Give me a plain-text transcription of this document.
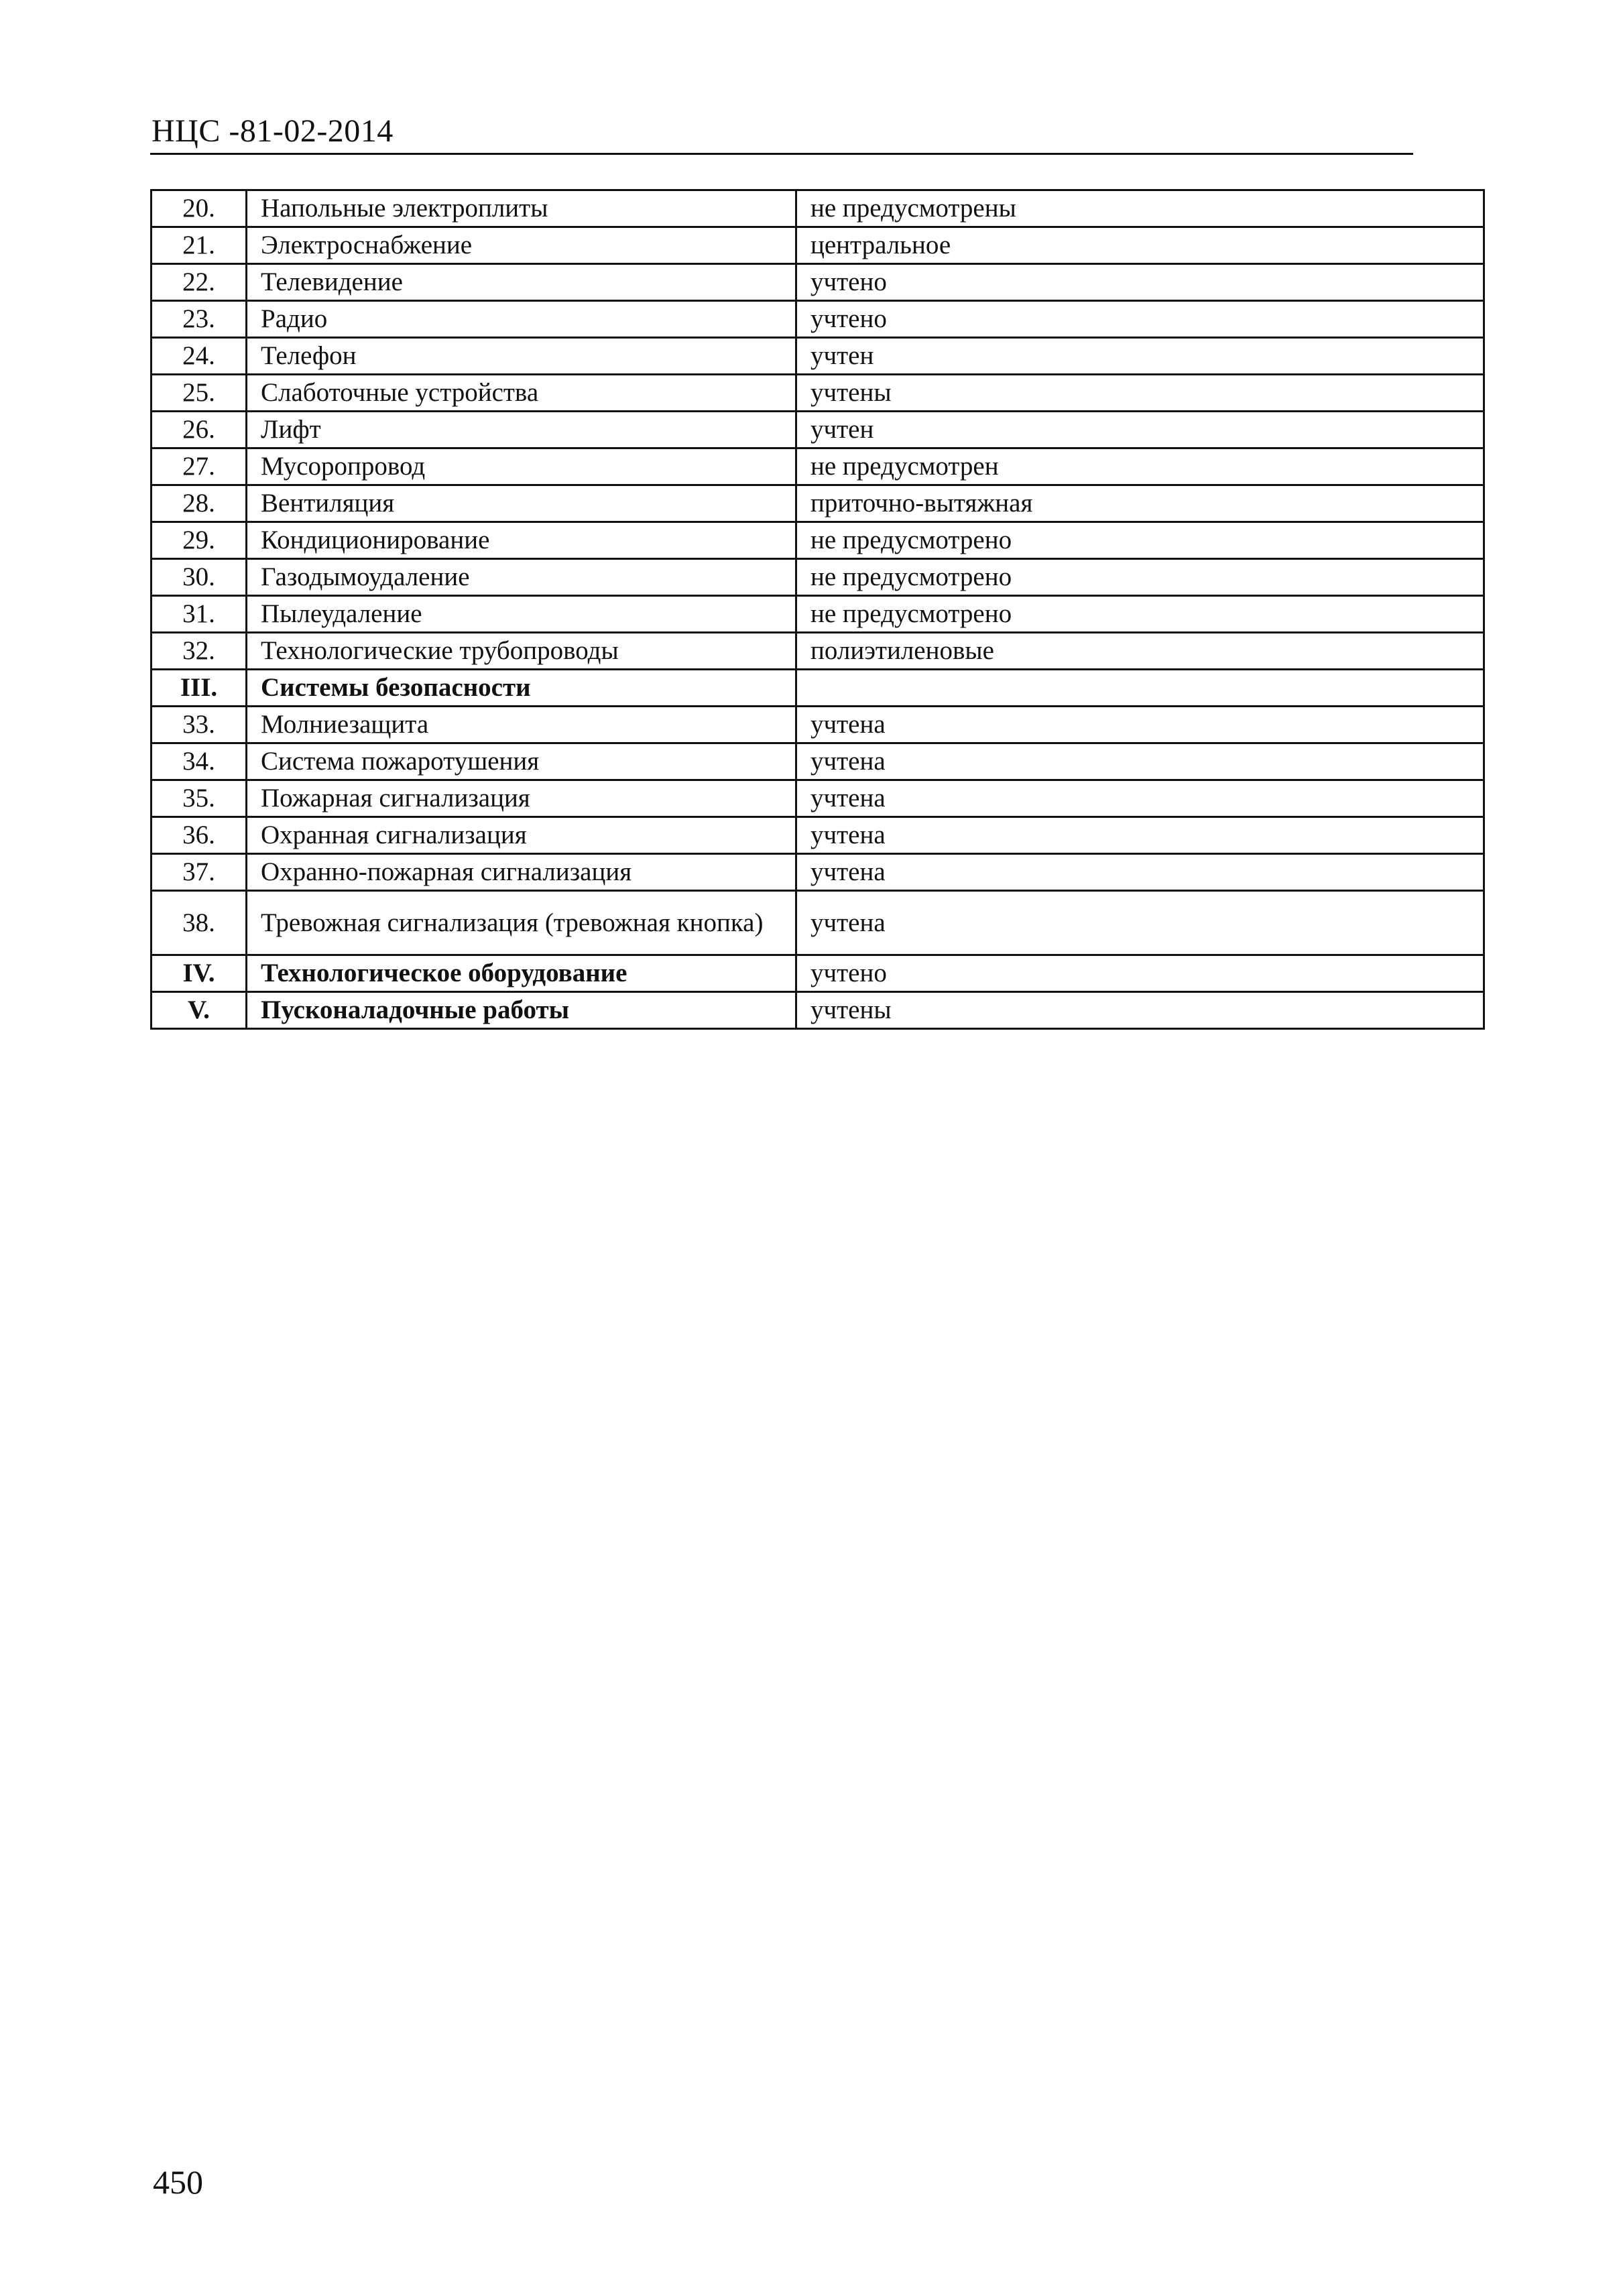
НЦС -81-02-2014
20.	Напольные электроплиты	не предусмотрены
21.	Электроснабжение	центральное
22.	Телевидение	учтено
23.	Радио	учтено
24.	Телефон	учтен
25.	Слаботочные устройства	учтены
26.	Лифт	учтен
27.	Мусоропровод	не предусмотрен
28.	Вентиляция	приточно-вытяжная
29.	Кондиционирование	не предусмотрено
30.	Газодымоудаление	не предусмотрено
31.	Пылеудаление	не предусмотрено
32.	Технологические трубопроводы	полиэтиленовые
III.	Системы безопасности	
33.	Молниезащита	учтена
34.	Система пожаротушения	учтена
35.	Пожарная сигнализация	учтена
36.	Охранная сигнализация	учтена
37.	Охранно-пожарная сигнализация	учтена
38.	Тревожная сигнализация (тревожная кнопка)	учтена
IV.	Технологическое оборудование	учтено
V.	Пусконаладочные работы	учтены
450
